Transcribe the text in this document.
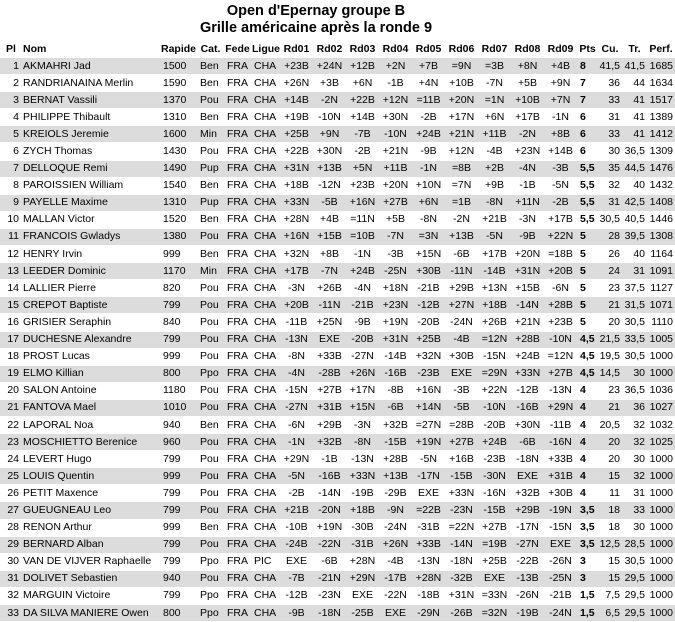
Open d'Epernay groupe B
Grille américaine après la ronde 9
Pl	Nom	Rapide	Cat.	Fede	Ligue	Rd01	Rd02	Rd03	Rd04	Rd05	Rd06	Rd07	Rd08	Rd09	Pts	Cu.	Tr.	Perf.
1	AKMAHRI Jad	1500	Ben	FRA	CHA	+23B	+24N	+12B	+2N	+7B	=9N	=3B	+8N	+4B	8	41,5	41,5	1685
2	RANDRIANAINA Merlin	1590	Ben	FRA	CHA	+26N	+3B	+6N	-1B	+4N	+10B	-7N	+5B	+9N	7	36	44	1634
3	BERNAT Vassili	1370	Pou	FRA	CHA	+14B	-2N	+22B	+12N	=11B	+20N	=1N	+10B	+7N	7	33	41	1517
4	PHILIPPE Thibault	1310	Ben	FRA	CHA	+19B	-10N	+14B	+30N	-2B	+17N	+6N	+17B	-1N	6	31	41	1389
5	KREIOLS Jeremie	1600	Min	FRA	CHA	+25B	+9N	-7B	-10N	+24B	+21N	+11B	-2N	+8B	6	33	41	1412
6	ZYCH Thomas	1430	Pou	FRA	CHA	+22B	+30N	-2B	+21N	-9B	+12N	-4B	+23N	+14B	6	30	36,5	1309
7	DELLOQUE Remi	1490	Pup	FRA	CHA	+31N	+13B	+5N	+11B	-1N	=8B	+2B	-4N	-3B	5,5	35	44,5	1476
8	PAROISSIEN William	1540	Ben	FRA	CHA	+18B	-12N	+23B	+20N	+10N	=7N	+9B	-1B	-5N	5,5	32	40	1432
9	PAYELLE Maxime	1310	Pup	FRA	CHA	+33N	-5B	+16N	+27B	+6N	=1B	-8N	+11N	-2B	5,5	31	42,5	1408
10	MALLAN Victor	1520	Ben	FRA	CHA	+28N	+4B	=11N	+5B	-8N	-2N	+21B	-3N	+17B	5,5	30,5	40,5	1446
11	FRANCOIS Gwladys	1380	Pou	FRA	CHA	+16N	+15B	=10B	-7N	=3N	+13B	-5N	-9B	+22N	5	28	39,5	1308
12	HENRY Irvin	999	Ben	FRA	CHA	+32N	+8B	-1N	-3B	+15N	-6B	+17B	+20N	=18B	5	26	40	1164
13	LEEDER Dominic	1170	Min	FRA	CHA	+17B	-7N	+24B	-25N	+30B	-11N	-14B	+31N	+20B	5	24	31	1091
14	LALLIER Pierre	820	Pou	FRA	CHA	-3N	+26B	-4N	+18N	-21B	+29B	+13N	+15B	-6N	5	23	37,5	1127
15	CREPOT Baptiste	799	Pou	FRA	CHA	+20B	-11N	-21B	+23N	-12B	+27N	+18B	-14N	+28B	5	21	31,5	1071
16	GRISIER Seraphin	840	Pou	FRA	CHA	-11B	+25N	-9B	+19N	-20B	-24N	+26B	+21N	+23B	5	20	30,5	1110
17	DUCHESNE Alexandre	799	Pou	FRA	CHA	-13N	EXE	-20B	+31N	+25B	-4B	=12N	+28B	-10N	4,5	21,5	33,5	1005
18	PROST Lucas	999	Pou	FRA	CHA	-8N	+33B	-27N	-14B	+32N	+30B	-15N	+24B	=12N	4,5	19,5	30,5	1000
19	ELMO Killian	800	Ppo	FRA	CHA	-4N	-28B	+26N	-16B	-23B	EXE	=29N	+33N	+27B	4,5	14,5	30	1000
20	SALON Antoine	1180	Pou	FRA	CHA	-15N	+27B	+17N	-8B	+16N	-3B	+22N	-12B	-13N	4	23	36,5	1036
21	FANTOVA Mael	1010	Pou	FRA	CHA	-27N	+31B	+15N	-6B	+14N	-5B	-10N	-16B	+29N	4	21	36	1027
22	LAPORAL Noa	940	Ben	FRA	CHA	-6N	+29B	-3N	+32B	=27N	=28B	-20B	+30N	-11B	4	20,5	32	1032
23	MOSCHIETTO Berenice	960	Pou	FRA	CHA	-1N	+32B	-8N	-15B	+19N	+27B	+24B	-6B	-16N	4	20	32	1025
24	LEVERT Hugo	799	Pou	FRA	CHA	+29N	-1B	-13N	+28B	-5N	+16B	-23B	-18N	+33B	4	20	30	1000
25	LOUIS Quentin	999	Pou	FRA	CHA	-5N	-16B	+33N	+13B	-17N	-15B	-30N	EXE	+31B	4	15	32	1000
26	PETIT Maxence	799	Pou	FRA	CHA	-2B	-14N	-19B	-29B	EXE	+33N	-16N	+32B	+30B	4	11	31	1000
27	GUEUGNEAU Leo	799	Pou	FRA	CHA	+21B	-20N	+18B	-9N	=22B	-23N	-15B	+29B	-19N	3,5	18	33	1000
28	RENON Arthur	999	Ben	FRA	CHA	-10B	+19N	-30B	-24N	-31B	=22N	+27B	-17N	-15N	3,5	18	30	1000
29	BERNARD Alban	799	Pou	FRA	CHA	-24B	-22N	-31B	+26N	+33B	-14N	=19B	-27N	EXE	3,5	12,5	28,5	1000
30	VAN DE VIJVER Raphaelle	799	Ppo	FRA	PIC	EXE	-6B	+28N	-4B	-13N	-18N	+25B	-22B	-26N	3	15	30,5	1000
31	DOLIVET Sebastien	940	Pou	FRA	CHA	-7B	-21N	+29N	-17B	+28N	-32B	EXE	-13B	-25N	3	15	29,5	1000
32	MARGUIN Victoire	799	Ppo	FRA	CHA	-12B	-23N	EXE	-22N	-18B	+31N	=33N	-26N	-21B	1,5	7,5	29,5	1000
33	DA SILVA MANIERE Owen	800	Ppo	FRA	CHA	-9B	-18N	-25B	EXE	-29N	-26B	=32N	-19B	-24N	1,5	6,5	29,5	1000
